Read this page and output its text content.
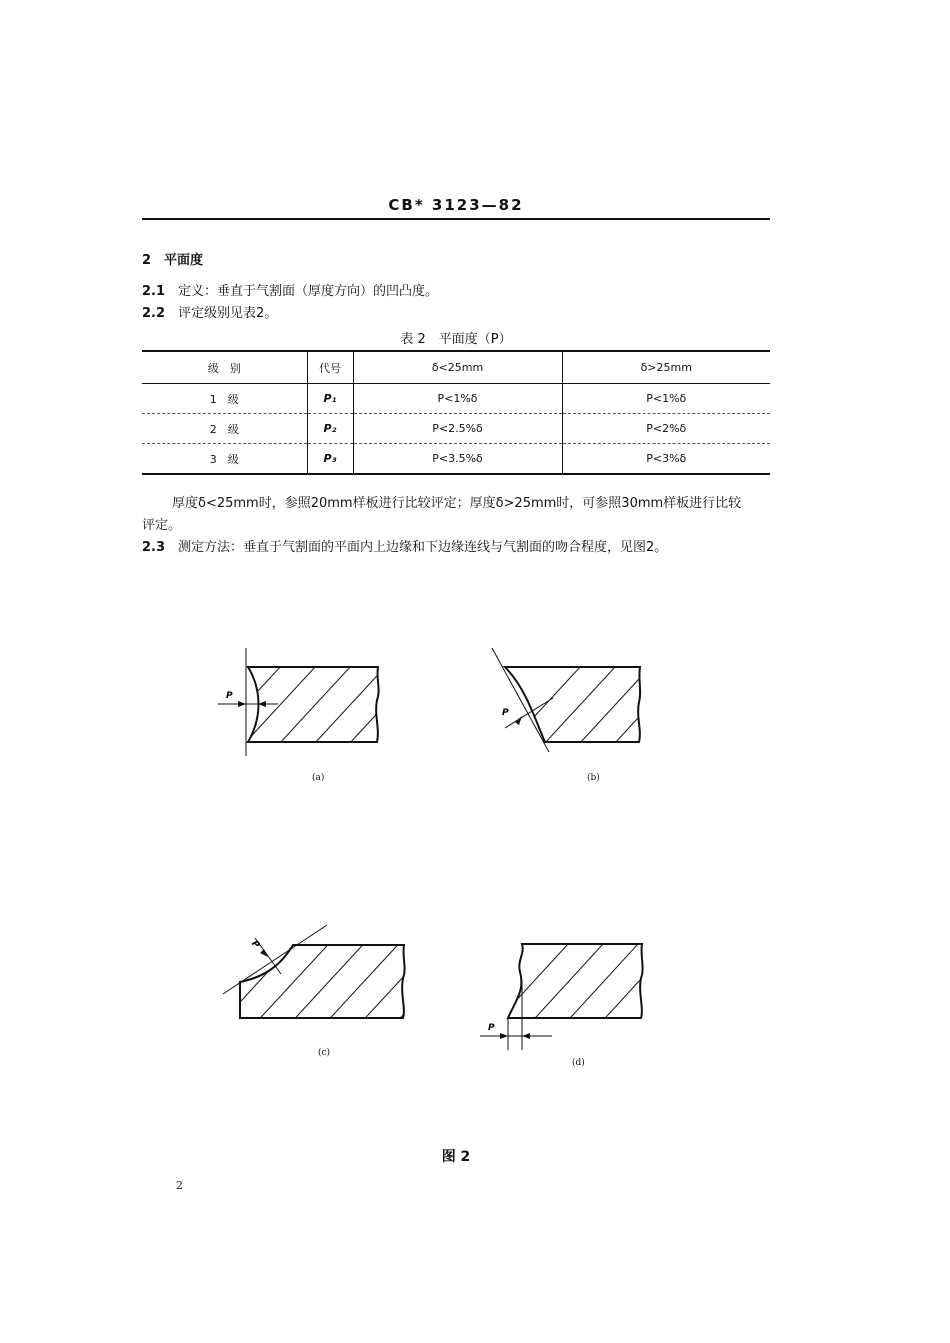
CB* 3123—82
2 平面度
2.1 定义：垂直于气割面（厚度方向）的凹凸度。
2.2 评定级别见表2。
表 2　平面度（P）
级　别	代号	δ<25mm	δ>25mm
1　级	P₁	P<1%δ	P<1%δ
2　级	P₂	P<2.5%δ	P<2%δ
3　级	P₃	P<3.5%δ	P<3%δ
厚度δ<25mm时，参照20mm样板进行比较评定；厚度δ>25mm时，可参照30mm样板进行比较
评定。
2.3 测定方法：垂直于气割面的平面内上边缘和下边缘连线与气割面的吻合程度，见图2。
P
(a)
P
(b)
P
(c)
P
(d)
图 2
2
